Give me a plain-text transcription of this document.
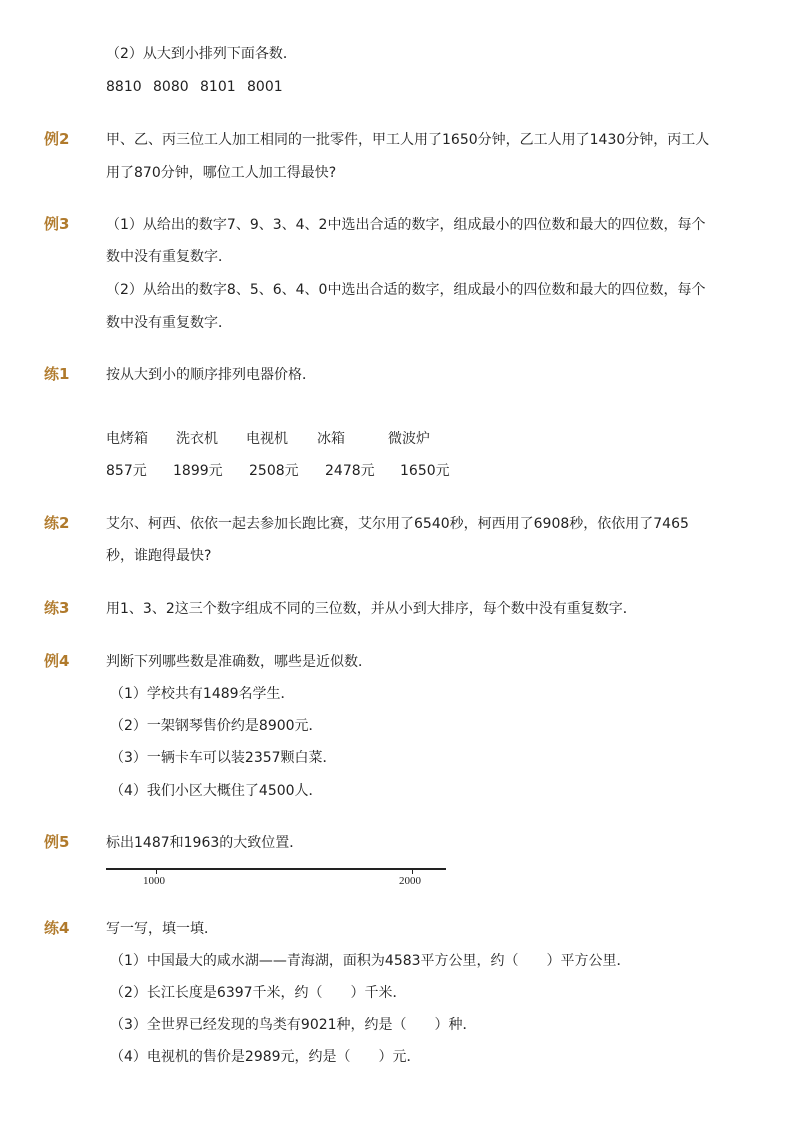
（2）从大到小排列下面各数．
8810 8080 8101 8001
例2	甲、乙、丙三位工人加工相同的一批零件，甲工人用了1650分钟，乙工人用了1430分钟，丙工人
用了870分钟，哪位工人加工得最快?
例3	（1）从给出的数字7、9、3、4、2中选出合适的数字，组成最小的四位数和最大的四位数，每个
数中没有重复数字．
（2）从给出的数字8、5、6、4、0中选出合适的数字，组成最小的四位数和最大的四位数，每个
数中没有重复数字．
练1	按从大到小的顺序排列电器价格．
电烤箱 洗衣机 电视机 冰箱	微波炉
857元 1899元 2508元 2478元 1650元
练2	艾尔、柯西、依依一起去参加长跑比赛，艾尔用了6540秒，柯西用了6908秒，依依用了7465
秒，谁跑得最快?
练3	用1、3、2这三个数字组成不同的三位数，并从小到大排序，每个数中没有重复数字．
例4	判断下列哪些数是准确数，哪些是近似数．
（1）学校共有1489名学生．
（2）一架钢琴售价约是8900元．
（3）一辆卡车可以装2357颗白菜．
（4）我们小区大概住了4500人．
例5	标出1487和1963的大致位置．
1000	2000
练4	写一写，填一填．
（1）中国最大的咸水湖——青海湖，面积为4583平方公里，约（　　）平方公里．
（2）长江长度是6397千米，约（　　）千米．
（3）全世界已经发现的鸟类有9021种，约是（　　）种．
（4）电视机的售价是2989元，约是（　　）元．
